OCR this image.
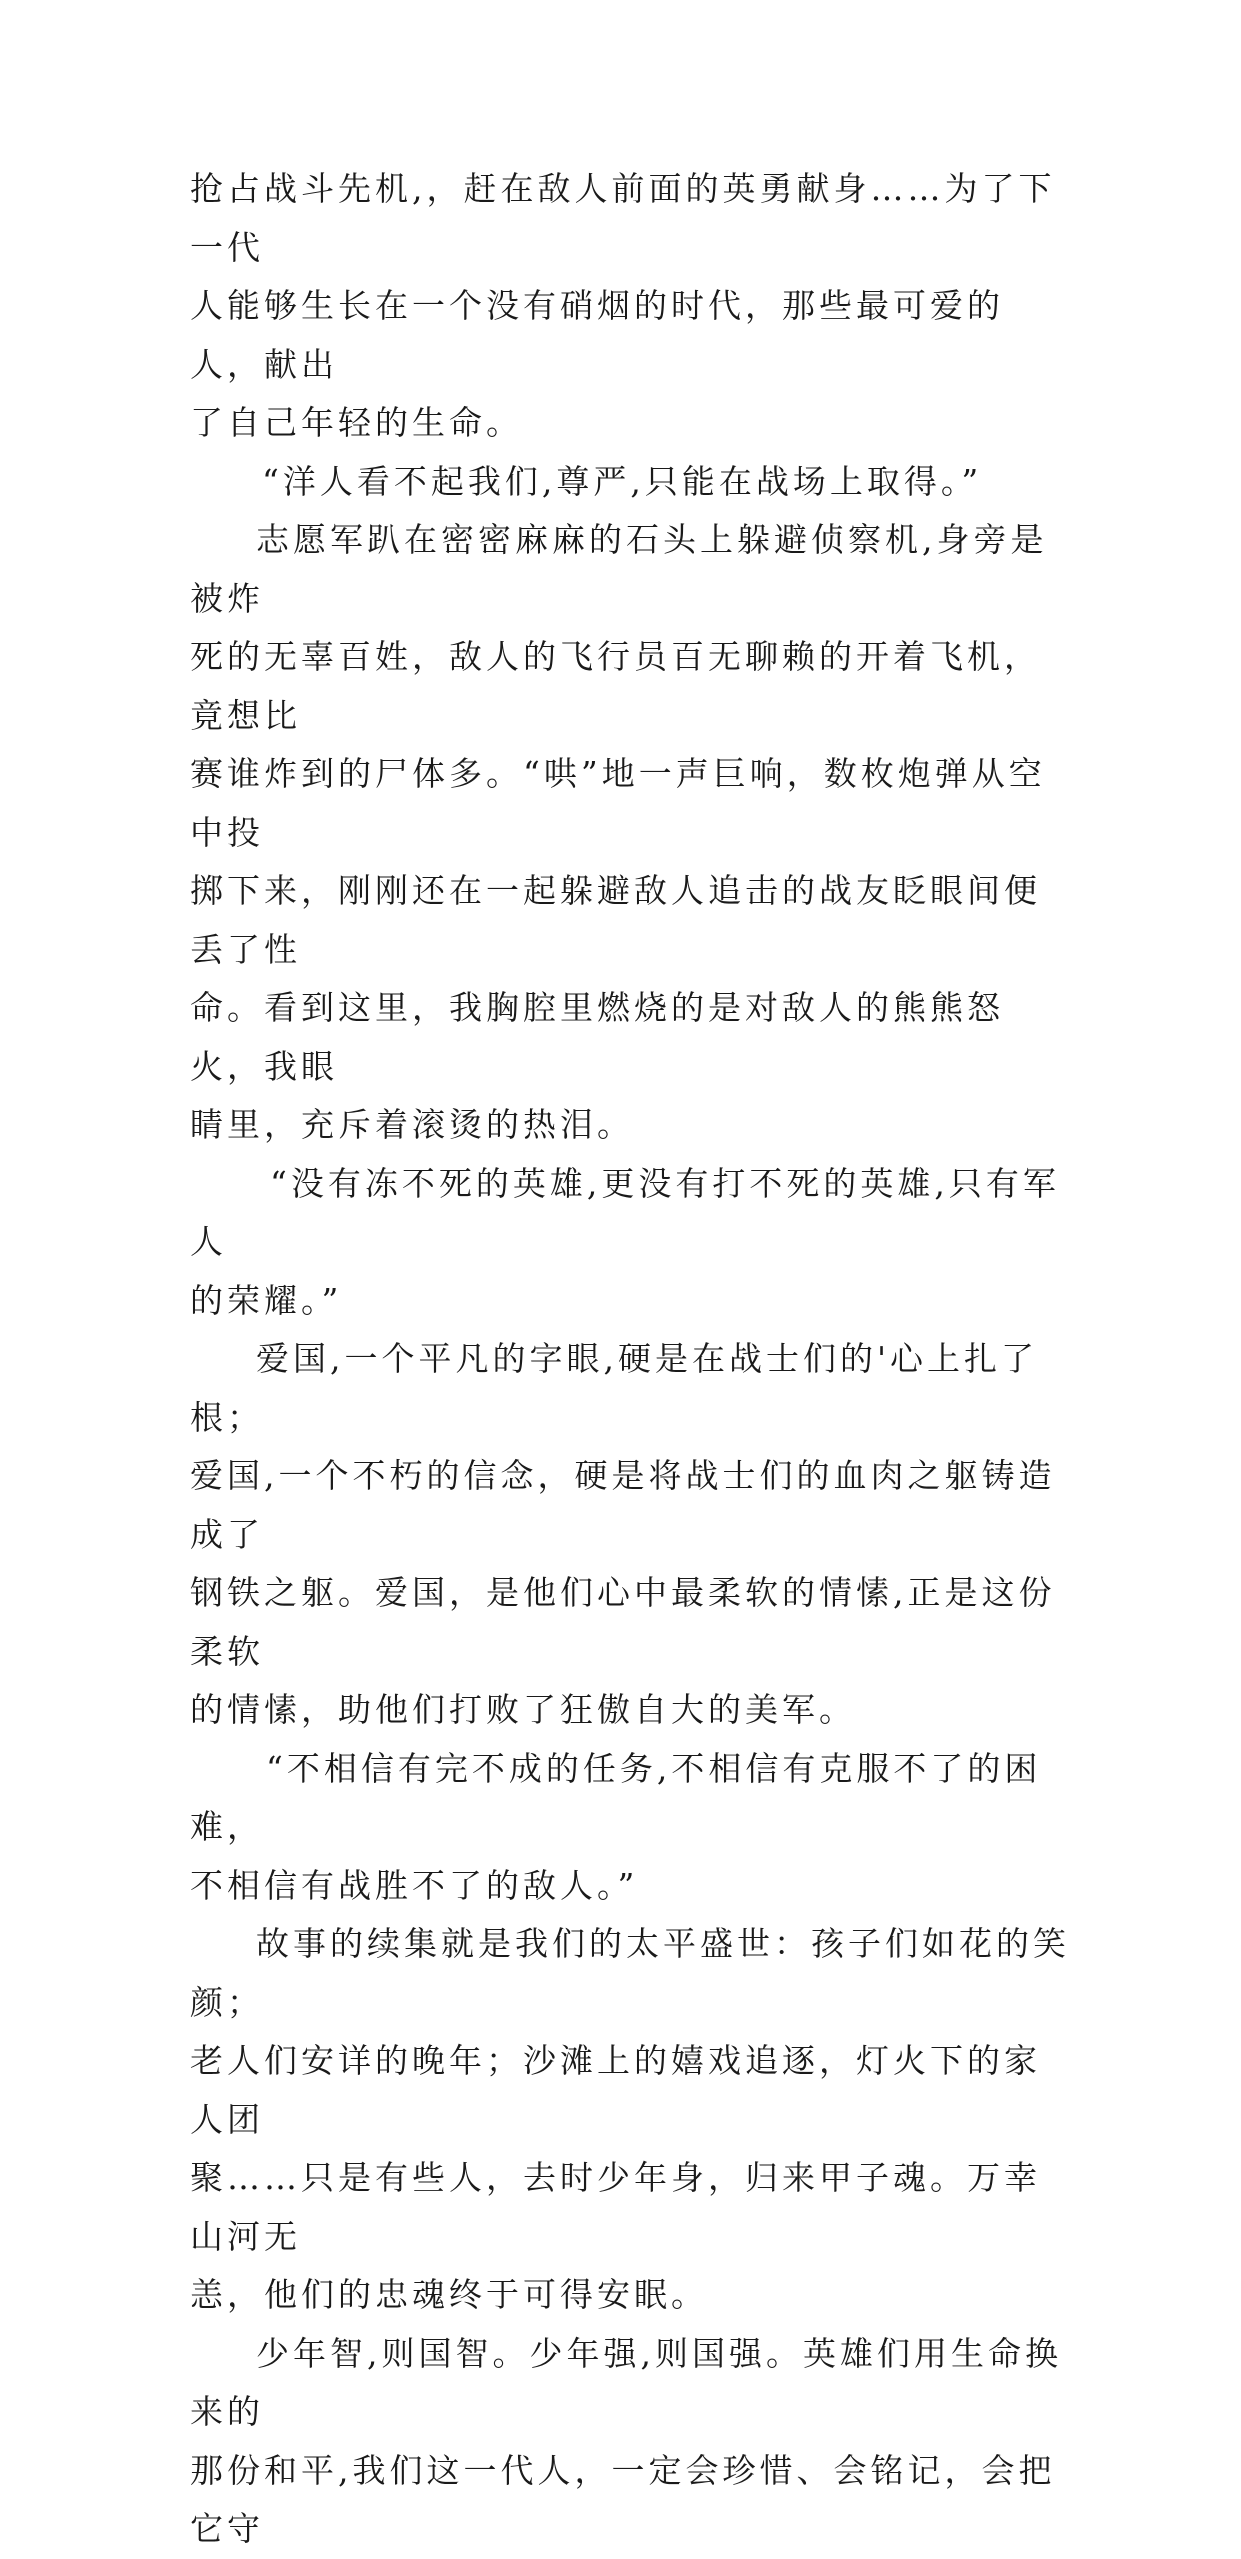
抢占战斗先机,，赶在敌人前面的英勇献身……为了下一代
人能够生长在一个没有硝烟的时代，那些最可爱的人，献出
了自己年轻的生命。

“洋人看不起我们,尊严,只能在战场上取得。”

志愿军趴在密密麻麻的石头上躲避侦察机,身旁是被炸
死的无辜百姓，敌人的飞行员百无聊赖的开着飞机，竟想比
赛谁炸到的尸体多。“哄”地一声巨响，数枚炮弹从空中投
掷下来，刚刚还在一起躲避敌人追击的战友眨眼间便丢了性
命。看到这里，我胸腔里燃烧的是对敌人的熊熊怒火，我眼
睛里，充斥着滚烫的热泪。

“没有冻不死的英雄,更没有打不死的英雄,只有军人
的荣耀。”

爱国,一个平凡的字眼,硬是在战士们的'心上扎了根；
爱国,一个不朽的信念，硬是将战士们的血肉之躯铸造成了
钢铁之躯。爱国，是他们心中最柔软的情愫,正是这份柔软
的情愫，助他们打败了狂傲自大的美军。

“不相信有完不成的任务,不相信有克服不了的困难，
不相信有战胜不了的敌人。”

故事的续集就是我们的太平盛世：孩子们如花的笑颜；
老人们安详的晚年；沙滩上的嬉戏追逐，灯火下的家人团
聚……只是有些人，去时少年身，归来甲子魂。万幸山河无
恙，他们的忠魂终于可得安眠。

少年智,则国智。少年强,则国强。英雄们用生命换来的
那份和平,我们这一代人，一定会珍惜、会铭记，会把它守
